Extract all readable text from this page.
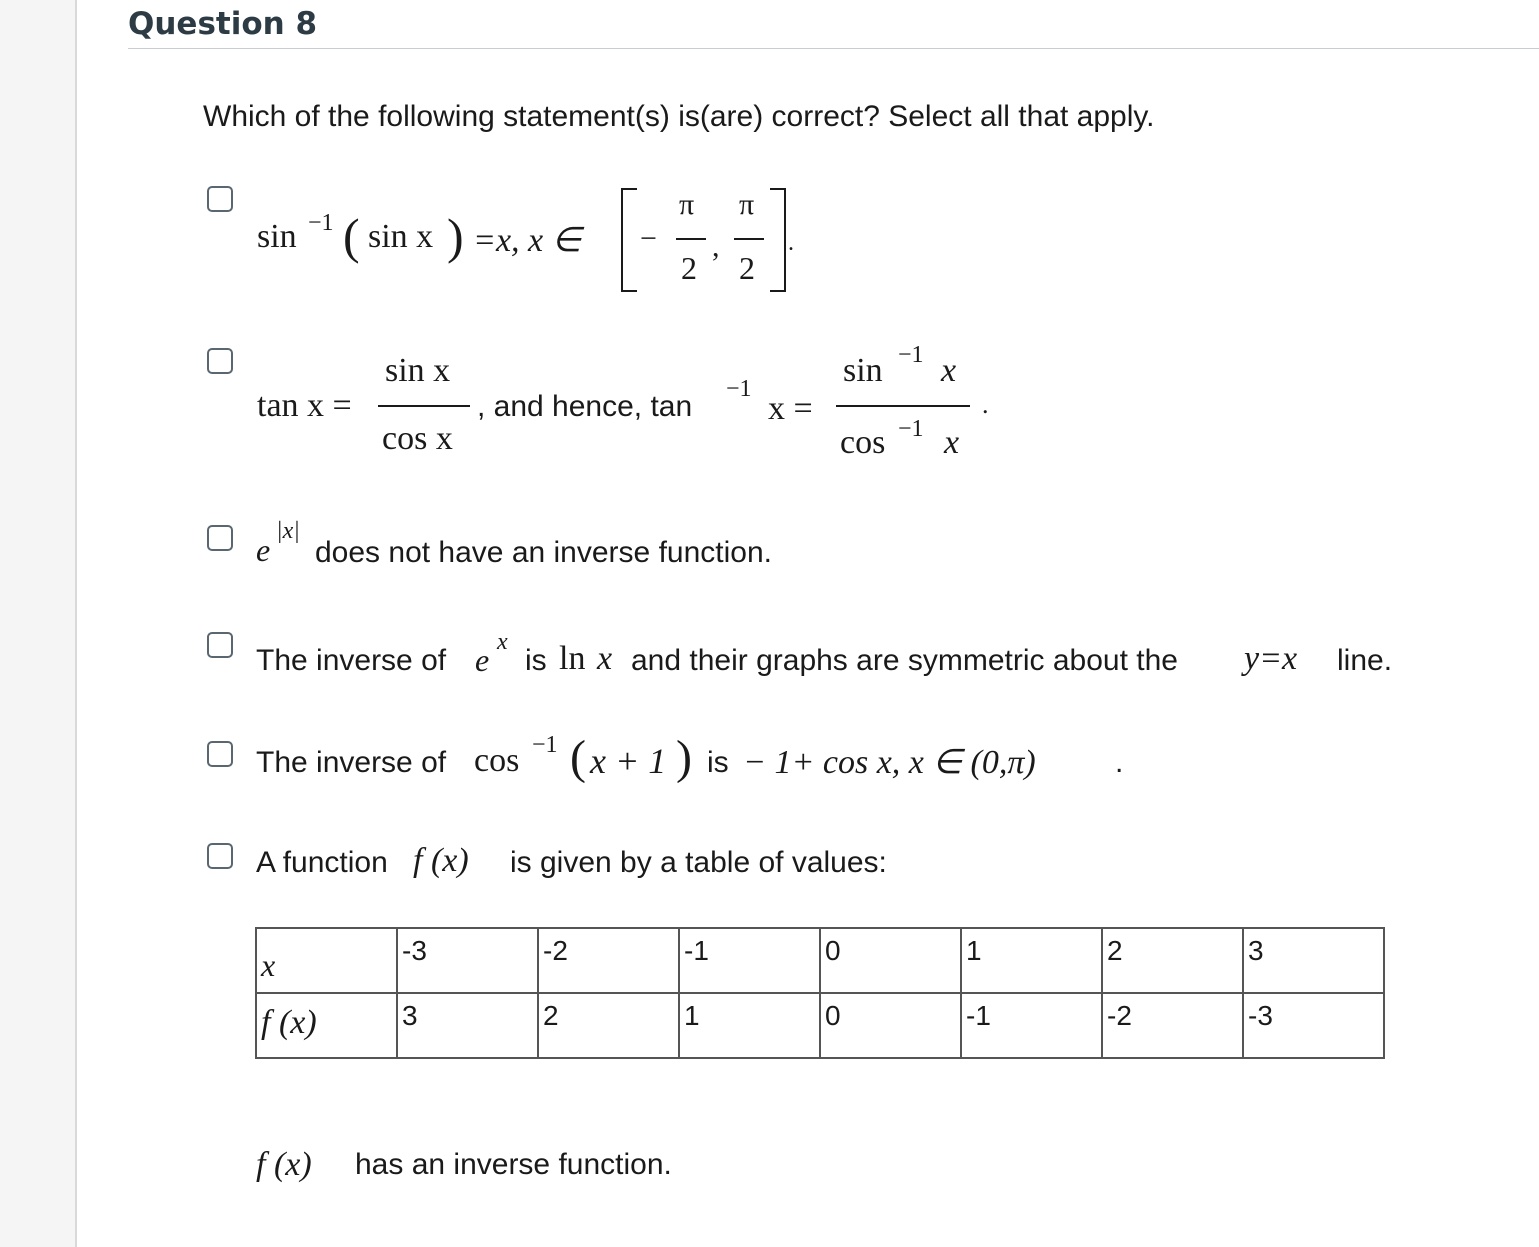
Question 8
Which of the following statement(s) is(are) correct? Select all that apply.
sin −1 ( sin x ) =x, x ∈ −
π
2
,
π
2
.
tan x =
sin x
cos x
, and hence, tan
−1
x =
sin −1 x
cos −1 x
.
e
|x|
does not have an inverse function.
The inverse of e x
is ln x and their graphs are symmetric about the y=x line.
The inverse of cos −1 ( x + 1 ) is − 1+ cos x, x ∈ (0,π)	.
A function f (x) is given by a table of values:
x	-3	-2	-1	0	1	2	3

f (x)	3	2	1	0	-1	-2	-3
f (x) has an inverse function.
